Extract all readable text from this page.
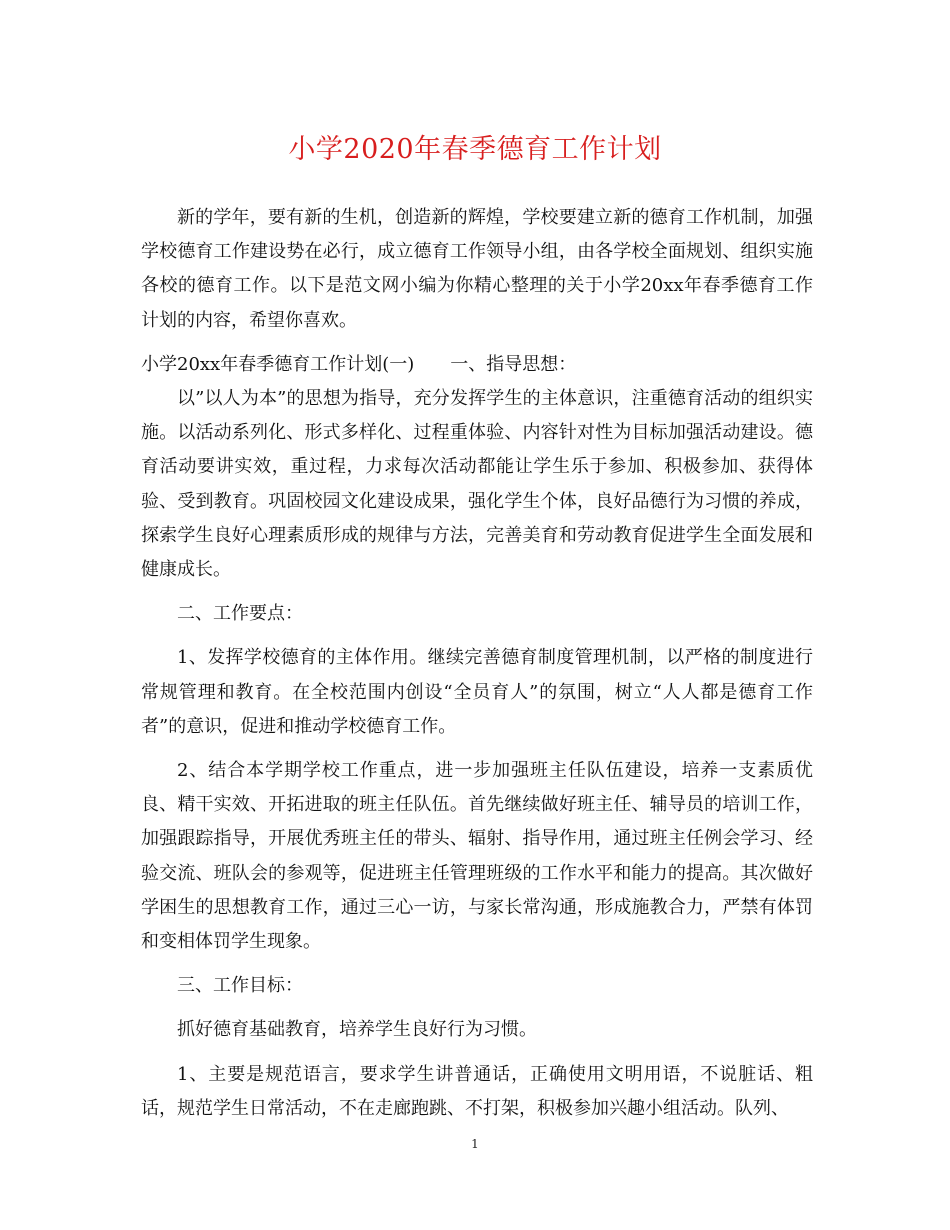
小学2020年春季德育工作计划

新的学年，要有新的生机，创造新的辉煌，学校要建立新的德育工作机制，加强学校德育工作建设势在必行，成立德育工作领导小组，由各学校全面规划、组织实施各校的德育工作。以下是范文网小编为你精心整理的关于小学20xx年春季德育工作计划的内容，希望你喜欢。

小学20xx年春季德育工作计划(一)　　一、指导思想：

以”以人为本”的思想为指导，充分发挥学生的主体意识，注重德育活动的组织实施。以活动系列化、形式多样化、过程重体验、内容针对性为目标加强活动建设。德育活动要讲实效，重过程，力求每次活动都能让学生乐于参加、积极参加、获得体验、受到教育。巩固校园文化建设成果，强化学生个体，良好品德行为习惯的养成，探索学生良好心理素质形成的规律与方法，完善美育和劳动教育促进学生全面发展和健康成长。

二、工作要点：

1、发挥学校德育的主体作用。继续完善德育制度管理机制，以严格的制度进行常规管理和教育。在全校范围内创设“全员育人”的氛围，树立“人人都是德育工作者”的意识，促进和推动学校德育工作。

2、结合本学期学校工作重点，进一步加强班主任队伍建设，培养一支素质优良、精干实效、开拓进取的班主任队伍。首先继续做好班主任、辅导员的培训工作，加强跟踪指导，开展优秀班主任的带头、辐射、指导作用，通过班主任例会学习、经验交流、班队会的参观等，促进班主任管理班级的工作水平和能力的提高。其次做好学困生的思想教育工作，通过三心一访，与家长常沟通，形成施教合力，严禁有体罚和变相体罚学生现象。

三、工作目标：

抓好德育基础教育，培养学生良好行为习惯。

1、主要是规范语言，要求学生讲普通话，正确使用文明用语，不说脏话、粗话，规范学生日常活动，不在走廊跑跳、不打架，积极参加兴趣小组活动。队列、

1
